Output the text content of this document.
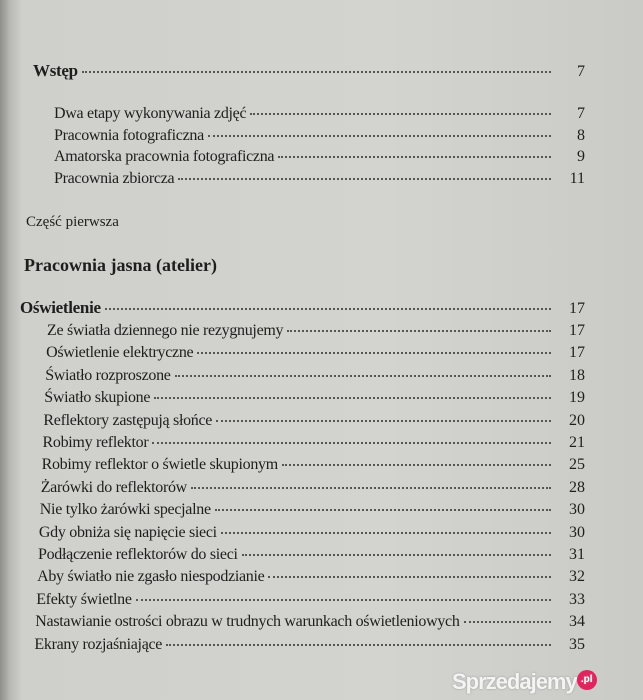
Wstęp	7
Dwa etapy wykonywania zdjęć	7
Pracownia fotograficzna	8
Amatorska pracownia fotograficzna	9
Pracownia zbiorcza	11
Część pierwsza
Pracownia jasna (atelier)
Oświetlenie	17
Ze światła dziennego nie rezygnujemy	17
Oświetlenie elektryczne	17
Światło rozproszone	18
Światło skupione	19
Reflektory zastępują słońce	20
Robimy reflektor	21
Robimy reflektor o świetle skupionym	25
Żarówki do reflektorów	28
Nie tylko żarówki specjalne	30
Gdy obniża się napięcie sieci	30
Podłączenie reflektorów do sieci	31
Aby światło nie zgasło niespodzianie	32
Efekty świetlne	33
Nastawianie ostrości obrazu w trudnych warunkach oświetleniowych	34
Ekrany rozjaśniające	35
Sprzedajemy .pl
